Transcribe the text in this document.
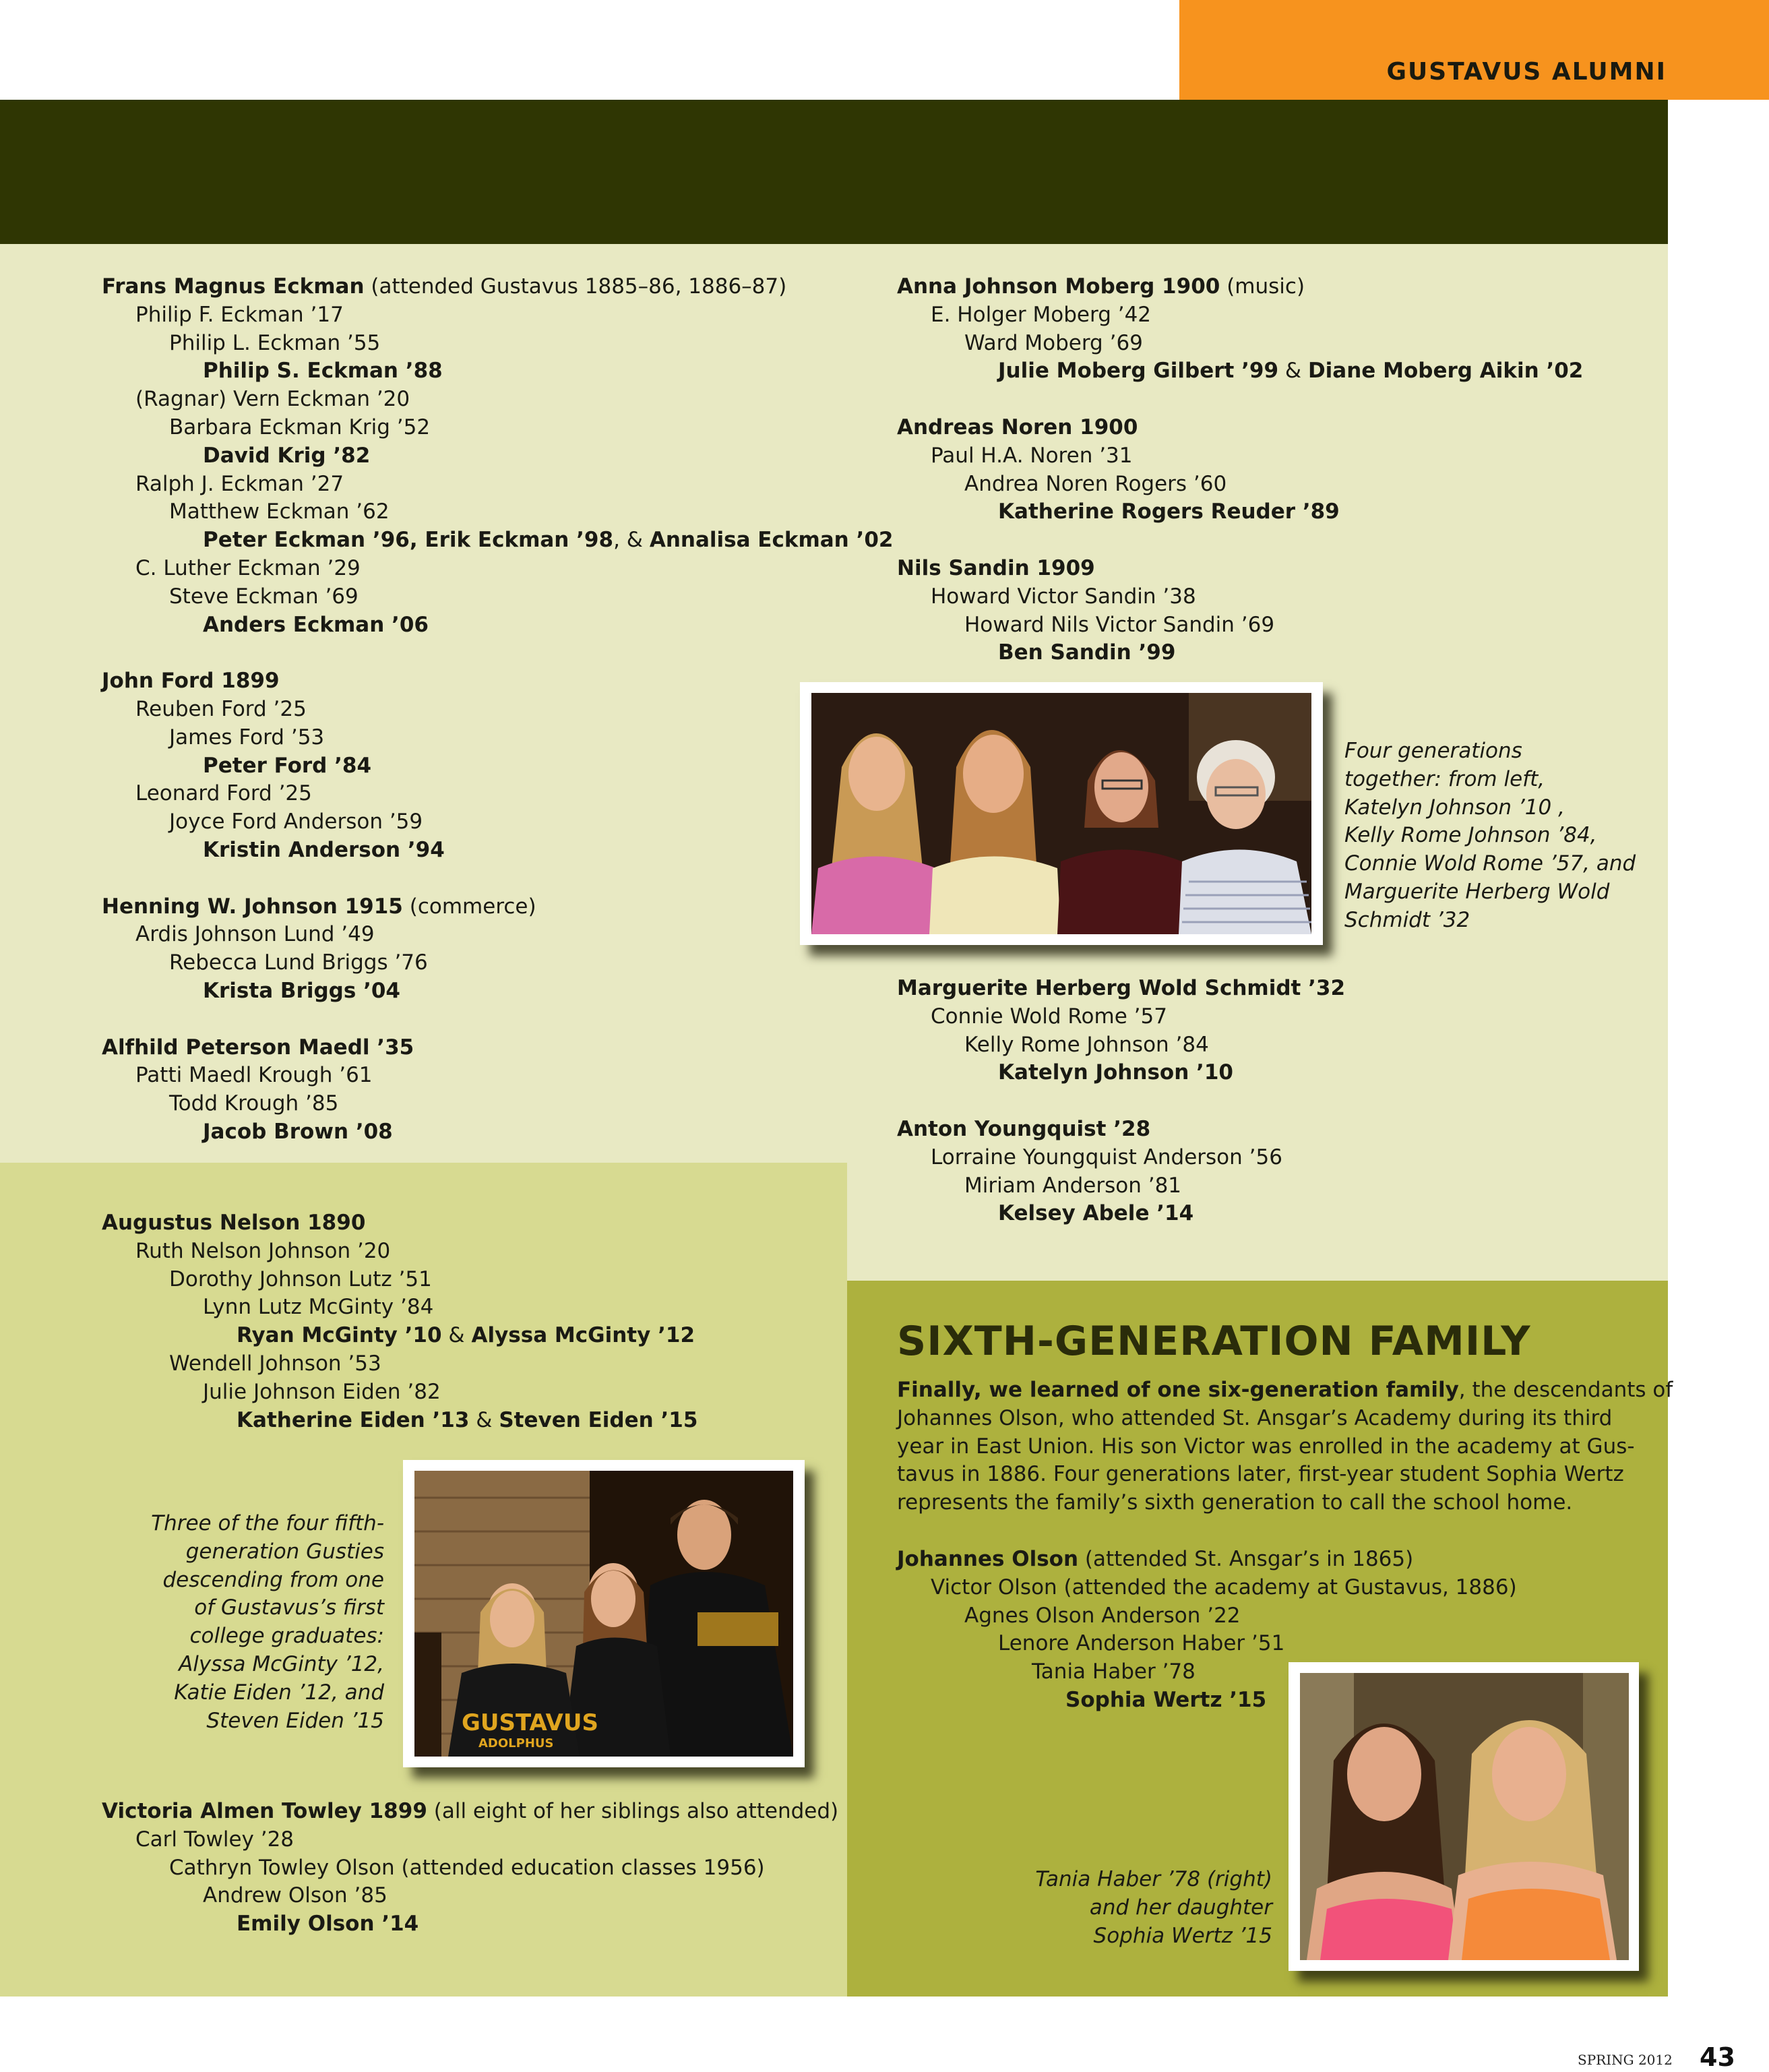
GUSTAVUS ALUMNI
Frans Magnus Eckman (attended Gustavus 1885–86, 1886–87)
Philip F. Eckman ’17
Philip L. Eckman ’55
Philip S. Eckman ’88
(Ragnar) Vern Eckman ’20
Barbara Eckman Krig ’52
David Krig ’82
Ralph J. Eckman ’27
Matthew Eckman ’62
Peter Eckman ’96, Erik Eckman ’98, & Annalisa Eckman ’02
C. Luther Eckman ’29
Steve Eckman ’69
Anders Eckman ’06
John Ford 1899
Reuben Ford ’25
James Ford ’53
Peter Ford ’84
Leonard Ford ’25
Joyce Ford Anderson ’59
Kristin Anderson ’94
Henning W. Johnson 1915 (commerce)
Ardis Johnson Lund ’49
Rebecca Lund Briggs ’76
Krista Briggs ’04
Alfhild Peterson Maedl ’35
Patti Maedl Krough ’61
Todd Krough ’85
Jacob Brown ’08
Augustus Nelson 1890
Ruth Nelson Johnson ’20
Dorothy Johnson Lutz ’51
Lynn Lutz McGinty ’84
Ryan McGinty ’10 & Alyssa McGinty ’12
Wendell Johnson ’53
Julie Johnson Eiden ’82
Katherine Eiden ’13 & Steven Eiden ’15
Three of the four fifth-
generation Gusties
descending from one
of Gustavus’s first
college graduates:
Alyssa McGinty ’12,
Katie Eiden ’12, and
Steven Eiden ’15	GUSTAVUS
ADOLPHUS
Victoria Almen Towley 1899 (all eight of her siblings also attended)
Carl Towley ’28
Cathryn Towley Olson (attended education classes 1956)
Andrew Olson ’85
Emily Olson ’14
Anna Johnson Moberg 1900 (music)
E. Holger Moberg ’42
Ward Moberg ’69
Julie Moberg Gilbert ’99 & Diane Moberg Aikin ’02
Andreas Noren 1900
Paul H.A. Noren ’31
Andrea Noren Rogers ’60
Katherine Rogers Reuder ’89
Nils Sandin 1909
Howard Victor Sandin ’38
Howard Nils Victor Sandin ’69
Ben Sandin ’99
Four generations
together: from left,
Katelyn Johnson ’10 ,
Kelly Rome Johnson ’84,
Connie Wold Rome ’57, and
Marguerite Herberg Wold
Schmidt ’32
Marguerite Herberg Wold Schmidt ’32
Connie Wold Rome ’57
Kelly Rome Johnson ’84
Katelyn Johnson ’10
Anton Youngquist ’28
Lorraine Youngquist Anderson ’56
Miriam Anderson ’81
Kelsey Abele ’14
SIXTH-GENERATION FAMILY
Finally, we learned of one six-generation family, the descendants of
Johannes Olson, who attended St. Ansgar’s Academy during its third
year in East Union. His son Victor was enrolled in the academy at Gus-
tavus in 1886. Four generations later, first-year student Sophia Wertz
represents the family’s sixth generation to call the school home.
Johannes Olson (attended St. Ansgar’s in 1865)
Victor Olson (attended the academy at Gustavus, 1886)
Agnes Olson Anderson ’22
Lenore Anderson Haber ’51
Tania Haber ’78
Sophia Wertz ’15
Tania Haber ’78 (right)
and her daughter
Sophia Wertz ’15
SPRING 2012 43
